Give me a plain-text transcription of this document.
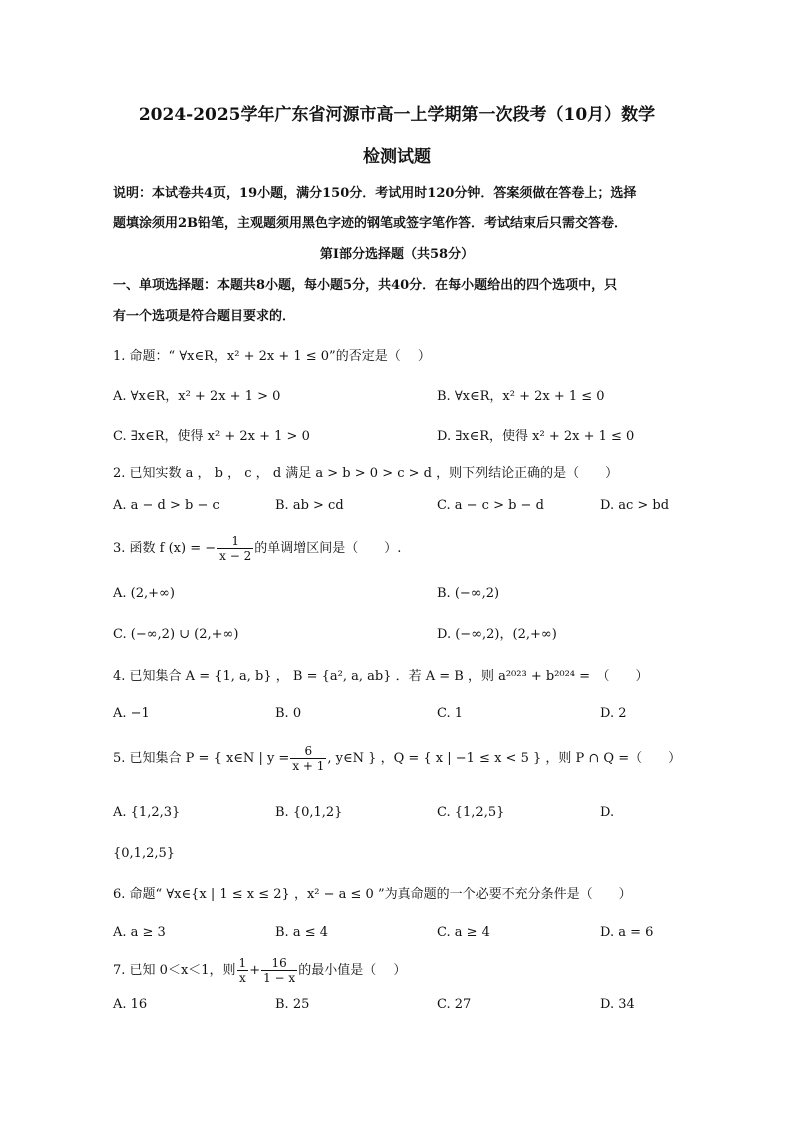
2024-2025学年广东省河源市高一上学期第一次段考（10月）数学
检测试题
说明：本试卷共4页，19小题，满分150分．考试用时120分钟．答案须做在答卷上；选择
题填涂须用2B铅笔，主观题须用黑色字迹的钢笔或签字笔作答．考试结束后只需交答卷．
第Ⅰ部分选择题（共58分）
一、单项选择题：本题共8小题，每小题5分，共40分．在每小题给出的四个选项中，只
有一个选项是符合题目要求的．
1. 命题：“ ∀x∈R，x² + 2x + 1 ≤ 0”的否定是（　 ）
A. ∀x∈R，x² + 2x + 1 > 0	B. ∀x∈R，x² + 2x + 1 ≤ 0
C. ∃x∈R，使得 x² + 2x + 1 > 0	D. ∃x∈R，使得 x² + 2x + 1 ≤ 0
2. 已知实数 a ， b ， c ， d 满足 a > b > 0 > c > d ，则下列结论正确的是（　　）
A. a − d > b − c	B. ab > cd	C. a − c > b − d	D. ac > bd
3. 函数 f (x) = − $\frac{1}{x - 2}$ 的单调增区间是（　　）.
A. (2,+∞)	B. (−∞,2)
C. (−∞,2) ∪ (2,+∞)	D. (−∞,2)，(2,+∞)
4. 已知集合 A = {1, a, b} ， B = {a², a, ab} ．若 A = B ，则 a²⁰²³ + b²⁰²⁴ =　（　　）
A. −1	B. 0	C. 1	D. 2
5. 已知集合 P = { x∈N | $y = \frac{6}{x + 1}$ , y∈N } ，Q = { x | −1 ≤ x < 5 } ，则 P ∩ Q =（　　）
A. {1,2,3}	B. {0,1,2}	C. {1,2,5}	D.
{0,1,2,5}
6. 命题“ ∀x∈{x | 1 ≤ x ≤ 2} ，x² − a ≤ 0 ”为真命题的一个必要不充分条件是（　　）
A. a ≥ 3	B. a ≤ 4	C. a ≥ 4	D. a = 6
7. 已知 0＜x＜1，则 $\frac{1}{x} + \frac{16}{1 - x}$ 的最小值是（　 ）
A. 16	B. 25	C. 27	D. 34
